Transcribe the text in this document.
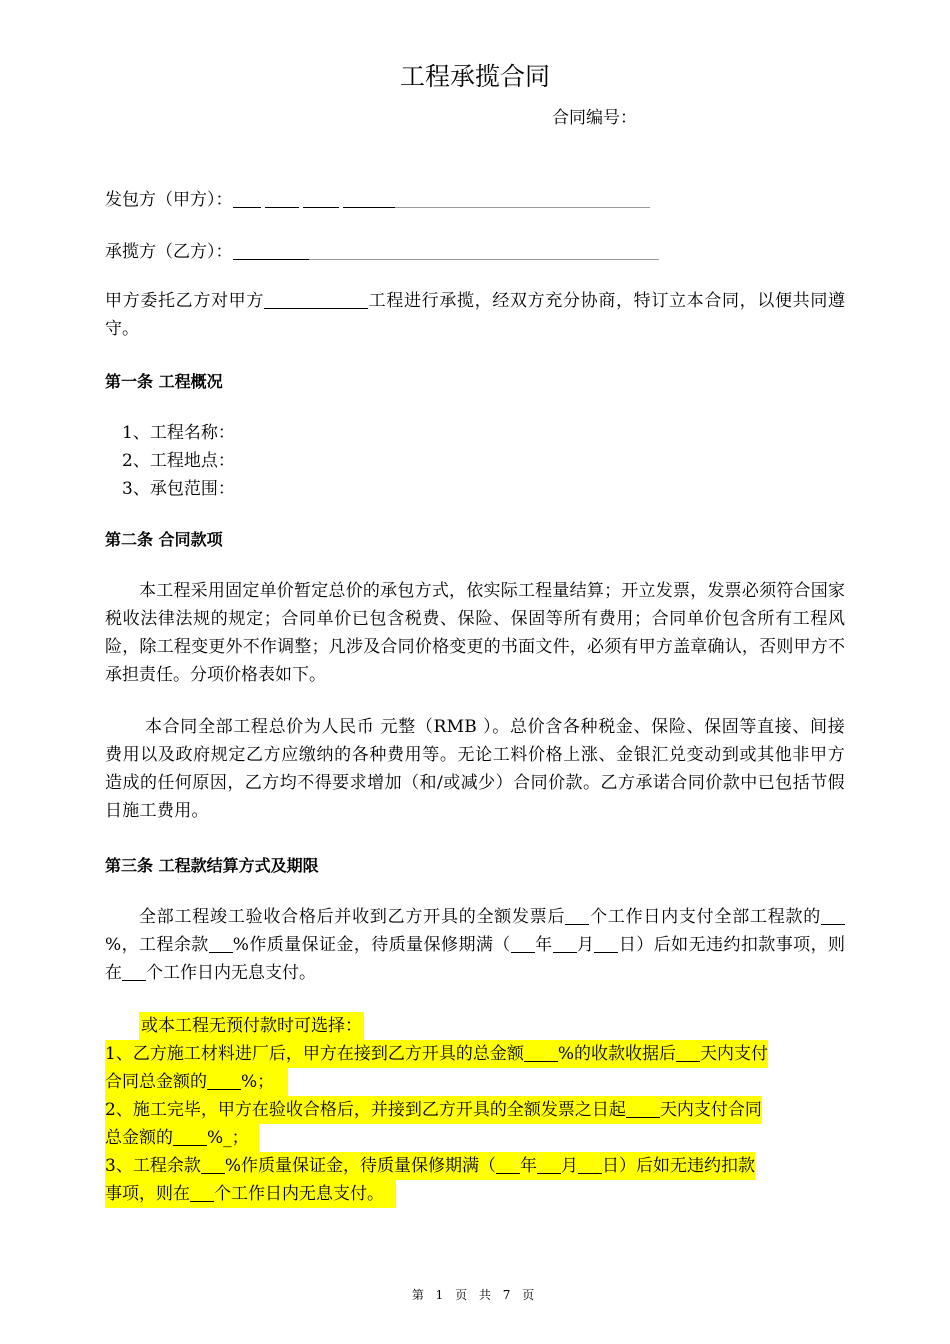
工程承揽合同
合同编号：
发包方（甲方）：
承揽方（乙方）：
甲方委托乙方对甲方	工程进行承揽，经双方充分协商，特订立本合同，以便共同遵守。
第一条 工程概况
1、工程名称：
2、工程地点：
3、承包范围：
第二条 合同款项
本工程采用固定单价暂定总价的承包方式，依实际工程量结算；开立发票，发票必须符合国家税收法律法规的规定；合同单价已包含税费、保险、保固等所有费用；合同单价包含所有工程风险，除工程变更外不作调整；凡涉及合同价格变更的书面文件，必须有甲方盖章确认，否则甲方不承担责任。分项价格表如下。
本合同全部工程总价为人民币 元整（RMB ）。总价含各种税金、保险、保固等直接、间接费用以及政府规定乙方应缴纳的各种费用等。无论工料价格上涨、金银汇兑变动到或其他非甲方造成的任何原因，乙方均不得要求增加（和/或减少）合同价款。乙方承诺合同价款中已包括节假日施工费用。
第三条 工程款结算方式及期限
全部工程竣工验收合格后并收到乙方开具的全额发票后 个工作日内支付全部工程款的%，工程余款 %作质量保证金，待质量保修期满（ 年 月 日）后如无违约扣款事项，则在 个工作日内无息支付。
或本工程无预付款时可选择：
1、乙方施工材料进厂后，甲方在接到乙方开具的总金额 %的收款收据后 天内支付
合同总金额的 %；
2、施工完毕，甲方在验收合格后，并接到乙方开具的全额发票之日起 天内支付合同
总金额的 %_；
3、工程余款 %作质量保证金，待质量保修期满（ 年 月 日）后如无违约扣款
事项，则在 个工作日内无息支付。
第 1 页 共 7 页
